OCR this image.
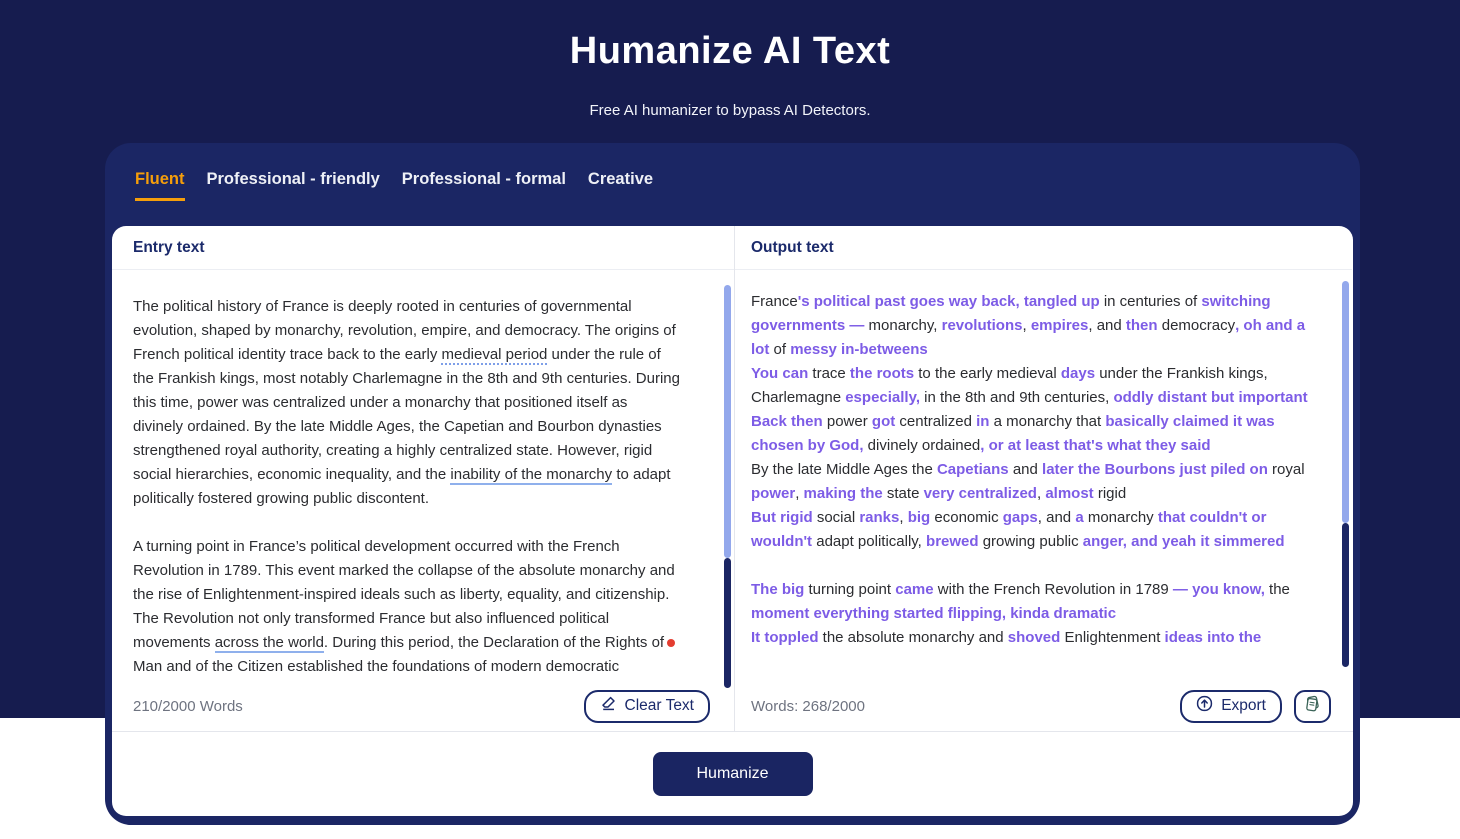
Humanize AI Text

Free AI humanizer to bypass AI Detectors.

Fluent Professional - friendly Professional - formal Creative
Entry text

The political history of France is deeply rooted in centuries of governmental evolution, shaped by monarchy, revolution, empire, and democracy. The origins of French political identity trace back to the early medieval period under the rule of the Frankish kings, most notably Charlemagne in the 8th and 9th centuries. During this time, power was centralized under a monarchy that positioned itself as divinely ordained. By the late Middle Ages, the Capetian and Bourbon dynasties strengthened royal authority, creating a highly centralized state. However, rigid social hierarchies, economic inequality, and the inability of the monarchy to adapt politically fostered growing public discontent.

A turning point in France’s political development occurred with the French Revolution in 1789. This event marked the collapse of the absolute monarchy and the rise of Enlightenment-inspired ideals such as liberty, equality, and citizenship. The Revolution not only transformed France but also influenced political movements across the world. During this period, the Declaration of the Rights of Man and of the Citizen established the foundations of modern democratic

210/2000 Words	Clear Text
Output text

France's political past goes way back, tangled up in centuries of switching governments — monarchy, revolutions, empires, and then democracy, oh and a lot of messy in-betweens

You can trace the roots to the early medieval days under the Frankish kings, Charlemagne especially, in the 8th and 9th centuries, oddly distant but important

Back then power got centralized in a monarchy that basically claimed it was chosen by God, divinely ordained, or at least that's what they said

By the late Middle Ages the Capetians and later the Bourbons just piled on royal power, making the state very centralized, almost rigid

But rigid social ranks, big economic gaps, and a monarchy that couldn't or wouldn't adapt politically, brewed growing public anger, and yeah it simmered

The big turning point came with the French Revolution in 1789 — you know, the moment everything started flipping, kinda dramatic

It toppled the absolute monarchy and shoved Enlightenment ideas into the

Words: 268/2000	Export
Humanize
